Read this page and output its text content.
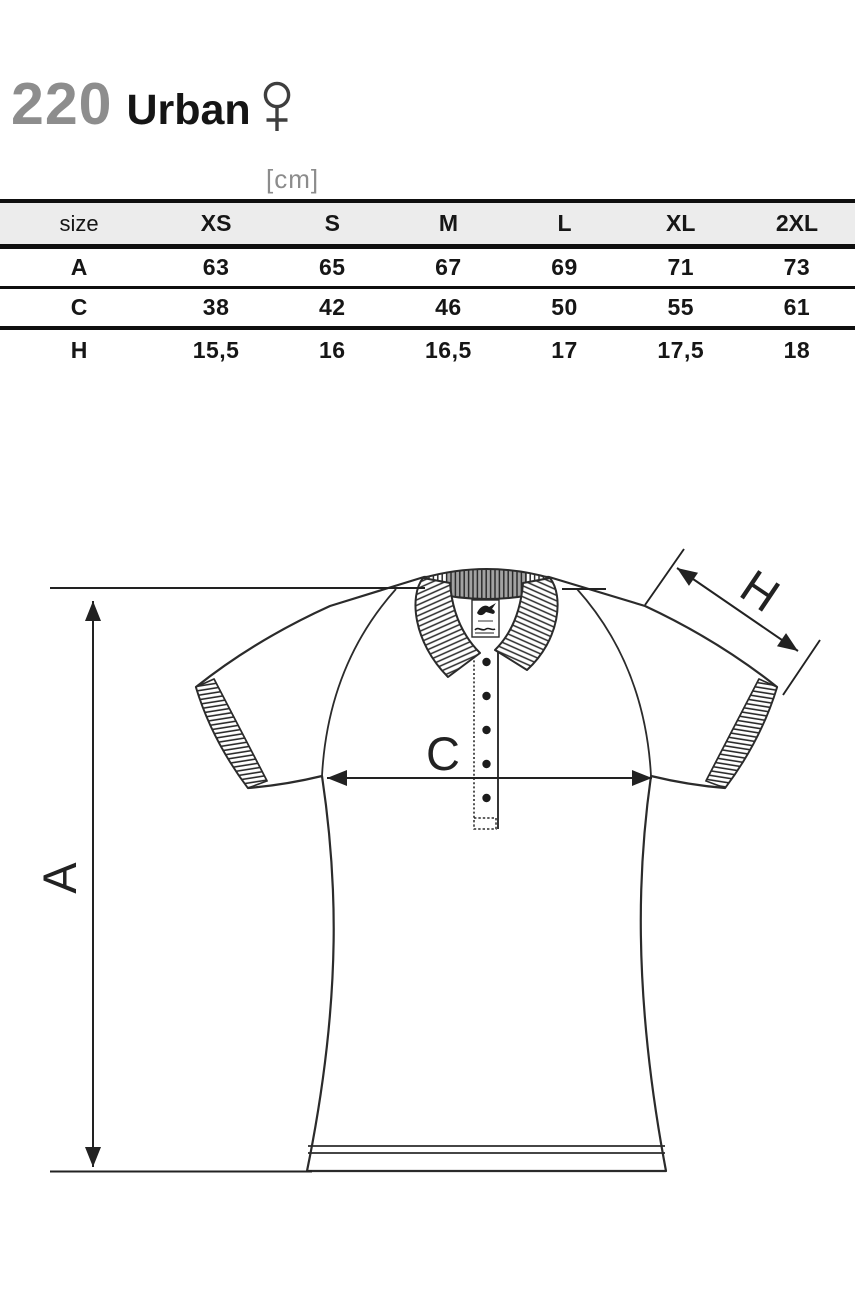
220 Urban
[cm]
size	XS	S	M	L	XL	2XL
A	63	65	67	69	71	73
C	38	42	46	50	55	61
H	15,5	16	16,5	17	17,5	18
C
A
H
